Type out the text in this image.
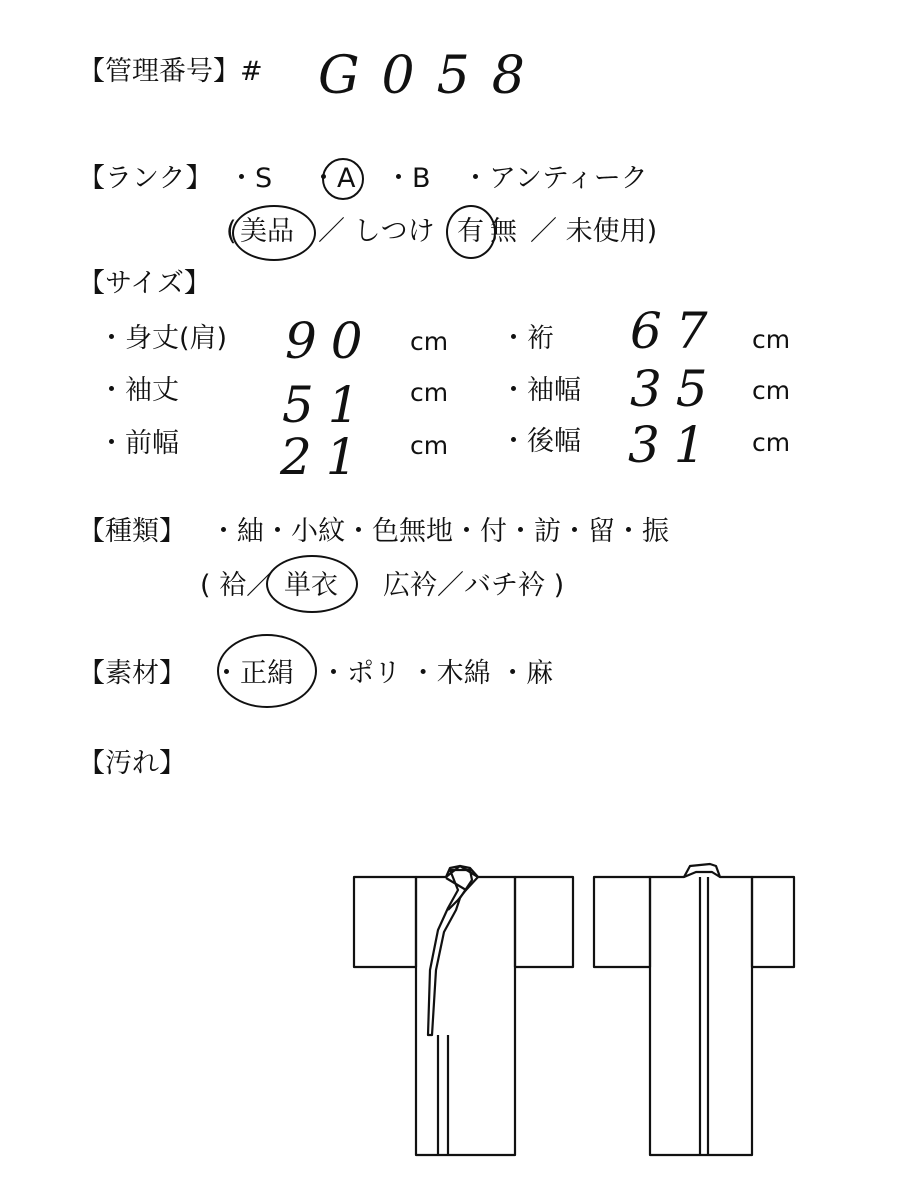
【管理番号】# G058
【ランク】 ・S ・A ・B ・アンティーク
( 美品 ／ しつけ 有 無 ／ 未使用)
【サイズ】
・身丈(肩) 90 cm ・裄 67 cm
・袖丈 51 cm ・袖幅 35 cm
・前幅 21 cm ・後幅 31 cm
【種類】 ・紬・小紋・色無地・付・訪・留・振
( 袷／ 単衣 広衿／バチ衿 )
【素材】 ・正絹 ・ポリ ・木綿 ・麻
【汚れ】
